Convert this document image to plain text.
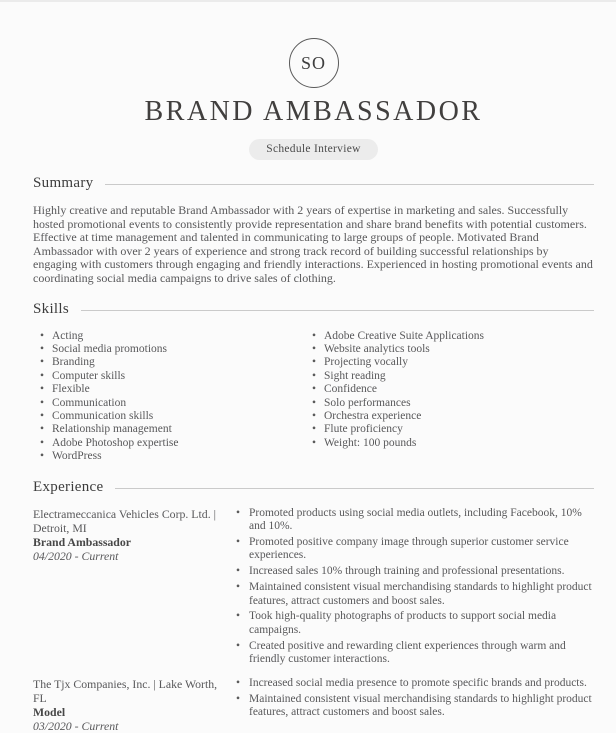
SO
BRAND AMBASSADOR
Schedule Interview
Summary

Highly creative and reputable Brand Ambassador with 2 years of expertise in marketing and sales. Successfully hosted promotional events to consistently provide representation and share brand benefits with potential customers. Effective at time management and talented in communicating to large groups of people. Motivated Brand Ambassador with over 2 years of experience and strong track record of building successful relationships by engaging with customers through engaging and friendly interactions. Experienced in hosting promotional events and coordinating social media campaigns to drive sales of clothing.

Skills
•
Acting
•
Social media promotions
•
Branding
•
Computer skills
•
Flexible
•
Communication
•
Communication skills
•
Relationship management
•
Adobe Photoshop expertise
•
WordPress
•
Adobe Creative Suite Applications
•
Website analytics tools
•
Projecting vocally
•
Sight reading
•
Confidence
•
Solo performances
•
Orchestra experience
•
Flute proficiency
•
Weight: 100 pounds
Experience
Electrameccanica Vehicles Corp. Ltd. | Detroit, MI
Brand Ambassador
04/2020 - Current
•
Promoted products using social media outlets, including Facebook, 10% and 10%.
•
Promoted positive company image through superior customer service experiences.
•
Increased sales 10% through training and professional presentations.
•
Maintained consistent visual merchandising standards to highlight product features, attract customers and boost sales.
•
Took high-quality photographs of products to support social media campaigns.
•
Created positive and rewarding client experiences through warm and friendly customer interactions.
The Tjx Companies, Inc. | Lake Worth, FL
Model
03/2020 - Current
•
Increased social media presence to promote specific brands and products.
•
Maintained consistent visual merchandising standards to highlight product features, attract customers and boost sales.
